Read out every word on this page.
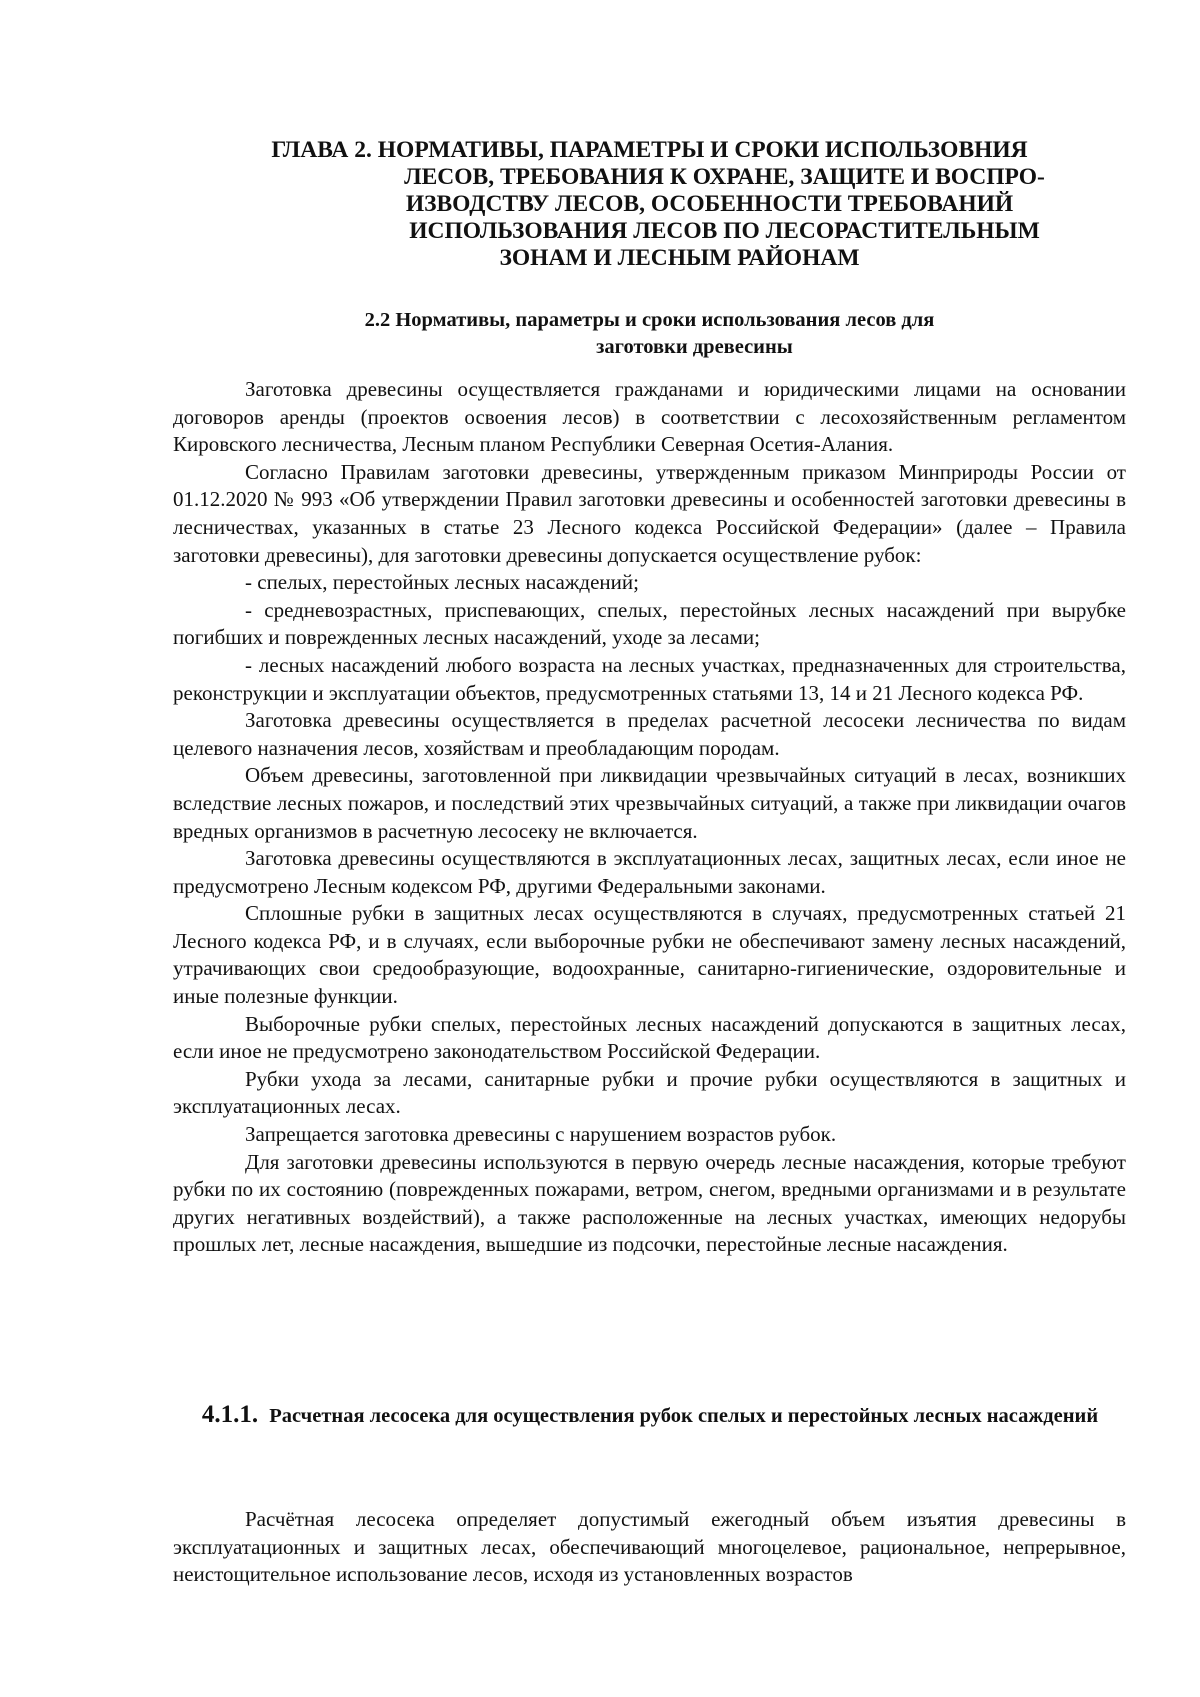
ГЛАВА 2. НОРМАТИВЫ, ПАРАМЕТРЫ И СРОКИ ИСПОЛЬЗОВНИЯ
ЛЕСОВ, ТРЕБОВАНИЯ К ОХРАНЕ, ЗАЩИТЕ И ВОСПРО-
ИЗВОДСТВУ ЛЕСОВ, ОСОБЕННОСТИ ТРЕБОВАНИЙ
ИСПОЛЬЗОВАНИЯ ЛЕСОВ ПО ЛЕСОРАСТИТЕЛЬНЫМ
ЗОНАМ И ЛЕСНЫМ РАЙОНАМ
2.2 Нормативы, параметры и сроки использования лесов для
заготовки древесины

Заготовка древесины осуществляется гражданами и юридическими лицами на основании договоров аренды (проектов освоения лесов) в соответствии с лесохозяйственным регламентом Кировского лесничества, Лесным планом Республики Северная Осетия-Алания.

Согласно Правилам заготовки древесины, утвержденным приказом Минприроды России от 01.12.2020 № 993 «Об утверждении Правил заготовки древесины и особенностей заготовки древесины в лесничествах, указанных в статье 23 Лесного кодекса Российской Федерации» (далее – Правила заготовки древесины), для заготовки древесины допускается осуществление рубок:

- спелых, перестойных лесных насаждений;

- средневозрастных, приспевающих, спелых, перестойных лесных насаждений при вырубке погибших и поврежденных лесных насаждений, уходе за лесами;

- лесных насаждений любого возраста на лесных участках, предназначенных для строительства, реконструкции и эксплуатации объектов, предусмотренных статьями 13, 14 и 21 Лесного кодекса РФ.

Заготовка древесины осуществляется в пределах расчетной лесосеки лесничества по видам целевого назначения лесов, хозяйствам и преобладающим породам.

Объем древесины, заготовленной при ликвидации чрезвычайных ситуаций в лесах, возникших вследствие лесных пожаров, и последствий этих чрезвычайных ситуаций, а также при ликвидации очагов вредных организмов в расчетную лесосеку не включается.

Заготовка древесины осуществляются в эксплуатационных лесах, защитных лесах, если иное не предусмотрено Лесным кодексом РФ, другими Федеральными законами.

Сплошные рубки в защитных лесах осуществляются в случаях, предусмотренных статьей 21 Лесного кодекса РФ, и в случаях, если выборочные рубки не обеспечивают замену лесных насаждений, утрачивающих свои средообразующие, водоохранные, санитарно-гигиенические, оздоровительные и иные полезные функции.

Выборочные рубки спелых, перестойных лесных насаждений допускаются в защитных лесах, если иное не предусмотрено законодательством Российской Федерации.

Рубки ухода за лесами, санитарные рубки и прочие рубки осуществляются в защитных и эксплуатационных лесах.

Запрещается заготовка древесины с нарушением возрастов рубок.

Для заготовки древесины используются в первую очередь лесные насаждения, которые требуют рубки по их состоянию (поврежденных пожарами, ветром, снегом, вредными организмами и в результате других негативных воздействий), а также расположенные на лесных участках, имеющих недорубы прошлых лет, лесные насаждения, вышедшие из подсочки, перестойные лесные насаждения.

4.1.1. Расчетная лесосека для осуществления рубок спелых и перестойных лесных насаждений

Расчётная лесосека определяет допустимый ежегодный объем изъятия древесины в эксплуатационных и защитных лесах, обеспечивающий многоцелевое, рациональное, непрерывное, неистощительное использование лесов, исходя из установленных возрастов
